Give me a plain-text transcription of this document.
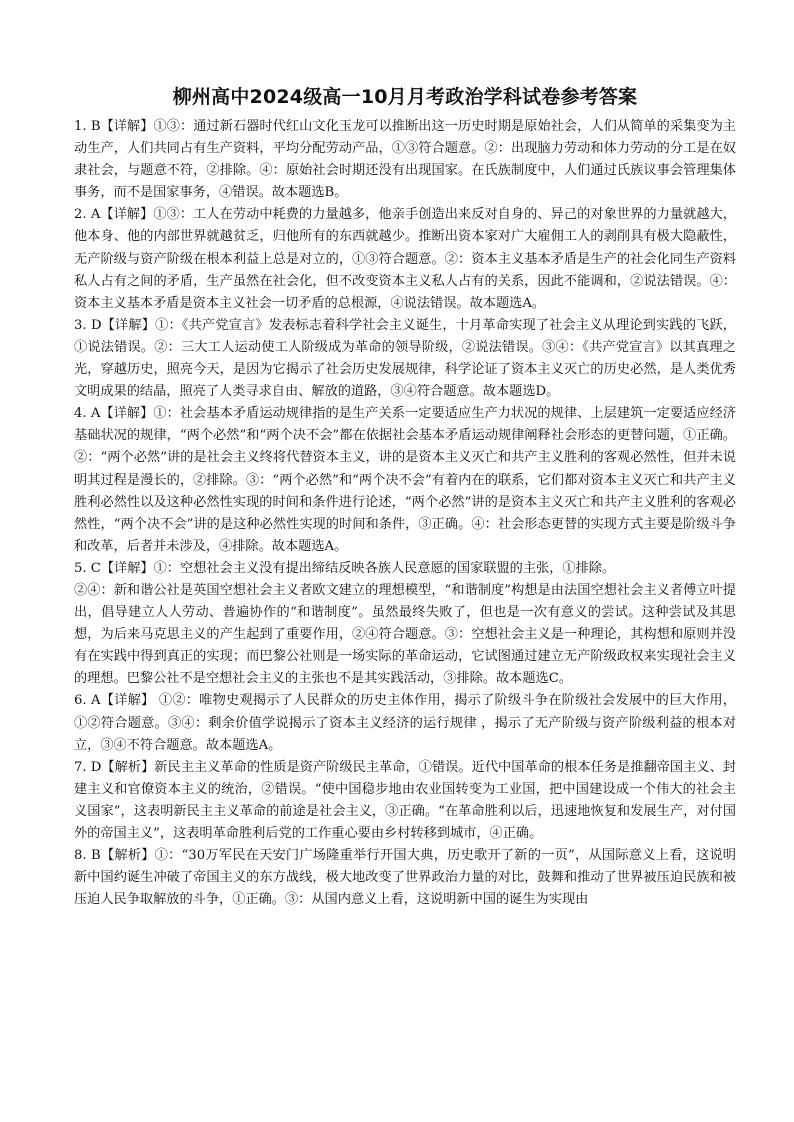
柳州高中2024级高一10月月考政治学科试卷参考答案

1. B【详解】①③：通过新石器时代红山文化玉龙可以推断出这一历史时期是原始社会，人们从简单的采集变为主动生产，人们共同占有生产资料，平均分配劳动产品，①③符合题意。②：出现脑力劳动和体力劳动的分工是在奴隶社会，与题意不符，②排除。④：原始社会时期还没有出现国家。在氏族制度中，人们通过氏族议事会管理集体事务，而不是国家事务，④错误。故本题选B。

2. A【详解】①③：工人在劳动中耗费的力量越多，他亲手创造出来反对自身的、异己的对象世界的力量就越大，他本身、他的内部世界就越贫乏，归他所有的东西就越少。推断出资本家对广大雇佣工人的剥削具有极大隐蔽性，无产阶级与资产阶级在根本利益上总是对立的，①③符合题意。②：资本主义基本矛盾是生产的社会化同生产资料私人占有之间的矛盾，生产虽然在社会化，但不改变资本主义私人占有的关系，因此不能调和，②说法错误。④：资本主义基本矛盾是资本主义社会一切矛盾的总根源，④说法错误。故本题选A。

3. D【详解】①：《共产党宣言》发表标志着科学社会主义诞生，十月革命实现了社会主义从理论到实践的飞跃，①说法错误。②：三大工人运动使工人阶级成为革命的领导阶级，②说法错误。③④：《共产党宣言》以其真理之光，穿越历史，照亮今天，是因为它揭示了社会历史发展规律，科学论证了资本主义灭亡的历史必然，是人类优秀文明成果的结晶，照亮了人类寻求自由、解放的道路，③④符合题意。故本题选D。

4. A【详解】①：社会基本矛盾运动规律指的是生产关系一定要适应生产力状况的规律、上层建筑一定要适应经济基础状况的规律，“两个必然”和“两个决不会”都在依据社会基本矛盾运动规律阐释社会形态的更替问题，①正确。②：“两个必然”讲的是社会主义终将代替资本主义，讲的是资本主义灭亡和共产主义胜利的客观必然性，但并未说明其过程是漫长的，②排除。③：“两个必然”和“两个决不会”有着内在的联系，它们都对资本主义灭亡和共产主义胜利必然性以及这种必然性实现的时间和条件进行论述，“两个必然”讲的是资本主义灭亡和共产主义胜利的客观必然性，“两个决不会”讲的是这种必然性实现的时间和条件，③正确。④：社会形态更替的实现方式主要是阶级斗争和改革，后者并未涉及，④排除。故本题选A。

5. C【详解】①：空想社会主义没有提出缔结反映各族人民意愿的国家联盟的主张，①排除。

②④：新和谐公社是英国空想社会主义者欧文建立的理想模型，“和谐制度”构想是由法国空想社会主义者傅立叶提出，倡导建立人人劳动、普遍协作的“和谐制度”。虽然最终失败了，但也是一次有意义的尝试。这种尝试及其思想，为后来马克思主义的产生起到了重要作用，②④符合题意。③：空想社会主义是一种理论，其构想和原则并没有在实践中得到真正的实现；而巴黎公社则是一场实际的革命运动，它试图通过建立无产阶级政权来实现社会主义的理想。巴黎公社不是空想社会主义的主张也不是其实践活动，③排除。故本题选C。

6. A【详解】 ①②：唯物史观揭示了人民群众的历史主体作用，揭示了阶级斗争在阶级社会发展中的巨大作用，①②符合题意。③④：剩余价值学说揭示了资本主义经济的运行规律 ，揭示了无产阶级与资产阶级利益的根本对立，③④不符合题意。故本题选A。

7. D【解析】新民主主义革命的性质是资产阶级民主革命，①错误。近代中国革命的根本任务是推翻帝国主义、封建主义和官僚资本主义的统治，②错误。“使中国稳步地由农业国转变为工业国，把中国建设成一个伟大的社会主义国家”，这表明新民主主义革命的前途是社会主义，③正确。“在革命胜利以后，迅速地恢复和发展生产，对付国外的帝国主义”，这表明革命胜利后党的工作重心要由乡村转移到城市，④正确。

8. B【解析】①：“30万军民在天安门广场隆重举行开国大典，历史歌开了新的一页”，从国际意义上看，这说明新中国约诞生冲破了帝国主义的东方战线，极大地改变了世界政治力量的对比，鼓舞和推动了世界被压迫民族和被压迫人民争取解放的斗争，①正确。③：从国内意义上看，这说明新中国的诞生为实现由
